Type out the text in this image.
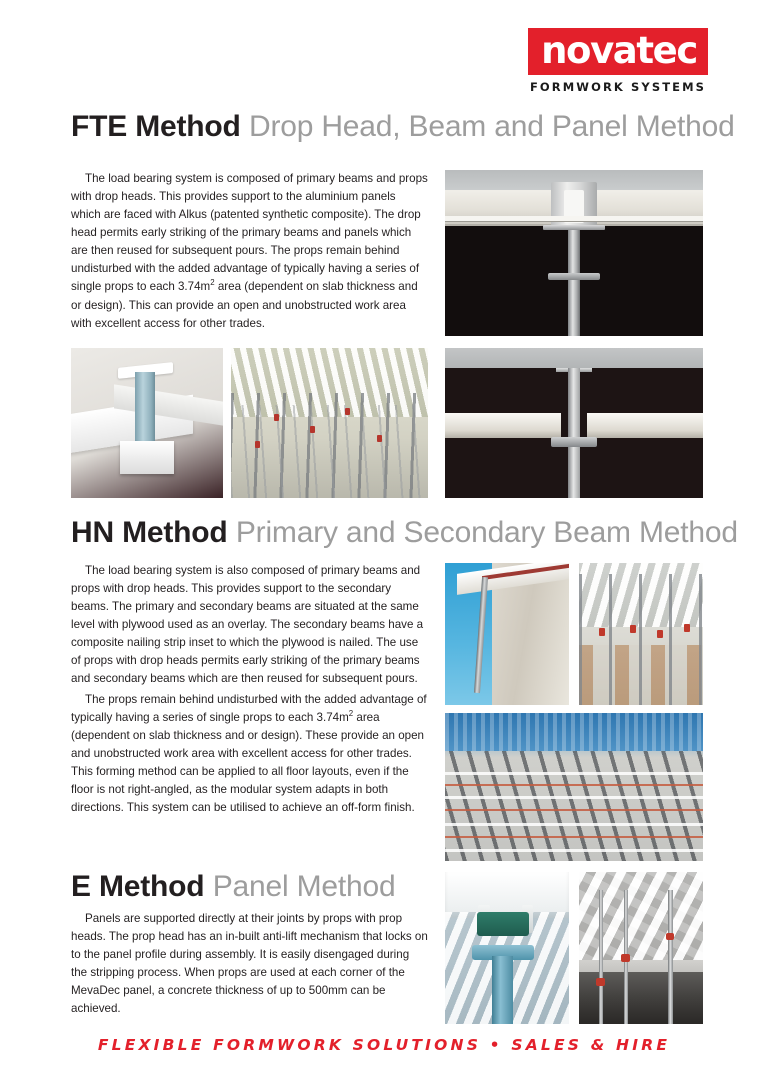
novatec
FORMWORK SYSTEMS
FTE Method Drop Head, Beam and Panel Method

The load bearing system is composed of primary beams and props with drop heads. This provides support to the aluminium panels which are faced with Alkus (patented synthetic composite). The drop head permits early striking of the primary beams and panels which are then reused for subsequent pours. The props remain behind undisturbed with the added advantage of typically having a series of single props to each $3.74m^2$ area (dependent on slab thickness and or design). This can provide an open and unobstructed work area with excellent access for other trades.

HN Method Primary and Secondary Beam Method

The load bearing system is also composed of primary beams and props with drop heads. This provides support to the secondary beams. The primary and secondary beams are situated at the same level with plywood used as an overlay. The secondary beams have a composite nailing strip inset to which the plywood is nailed. The use of props with drop heads permits early striking of the primary beams and secondary beams which are then reused for subsequent pours.

The props remain behind undisturbed with the added advantage of typically having a series of single props to each $3.74m^2$ area (dependent on slab thickness and or design). These provide an open and unobstructed work area with excellent access for other trades. This forming method can be applied to all floor layouts, even if the floor is not right-angled, as the modular system adapts in both directions. This system can be utilised to achieve an off-form finish.

E Method Panel Method

Panels are supported directly at their joints by props with prop heads. The prop head has an in-built anti-lift mechanism that locks on to the panel profile during assembly. It is easily disengaged during the stripping process. When props are used at each corner of the MevaDec panel, a concrete thickness of up to 500mm can be achieved.

FLEXIBLE FORMWORK SOLUTIONS • SALES & HIRE
